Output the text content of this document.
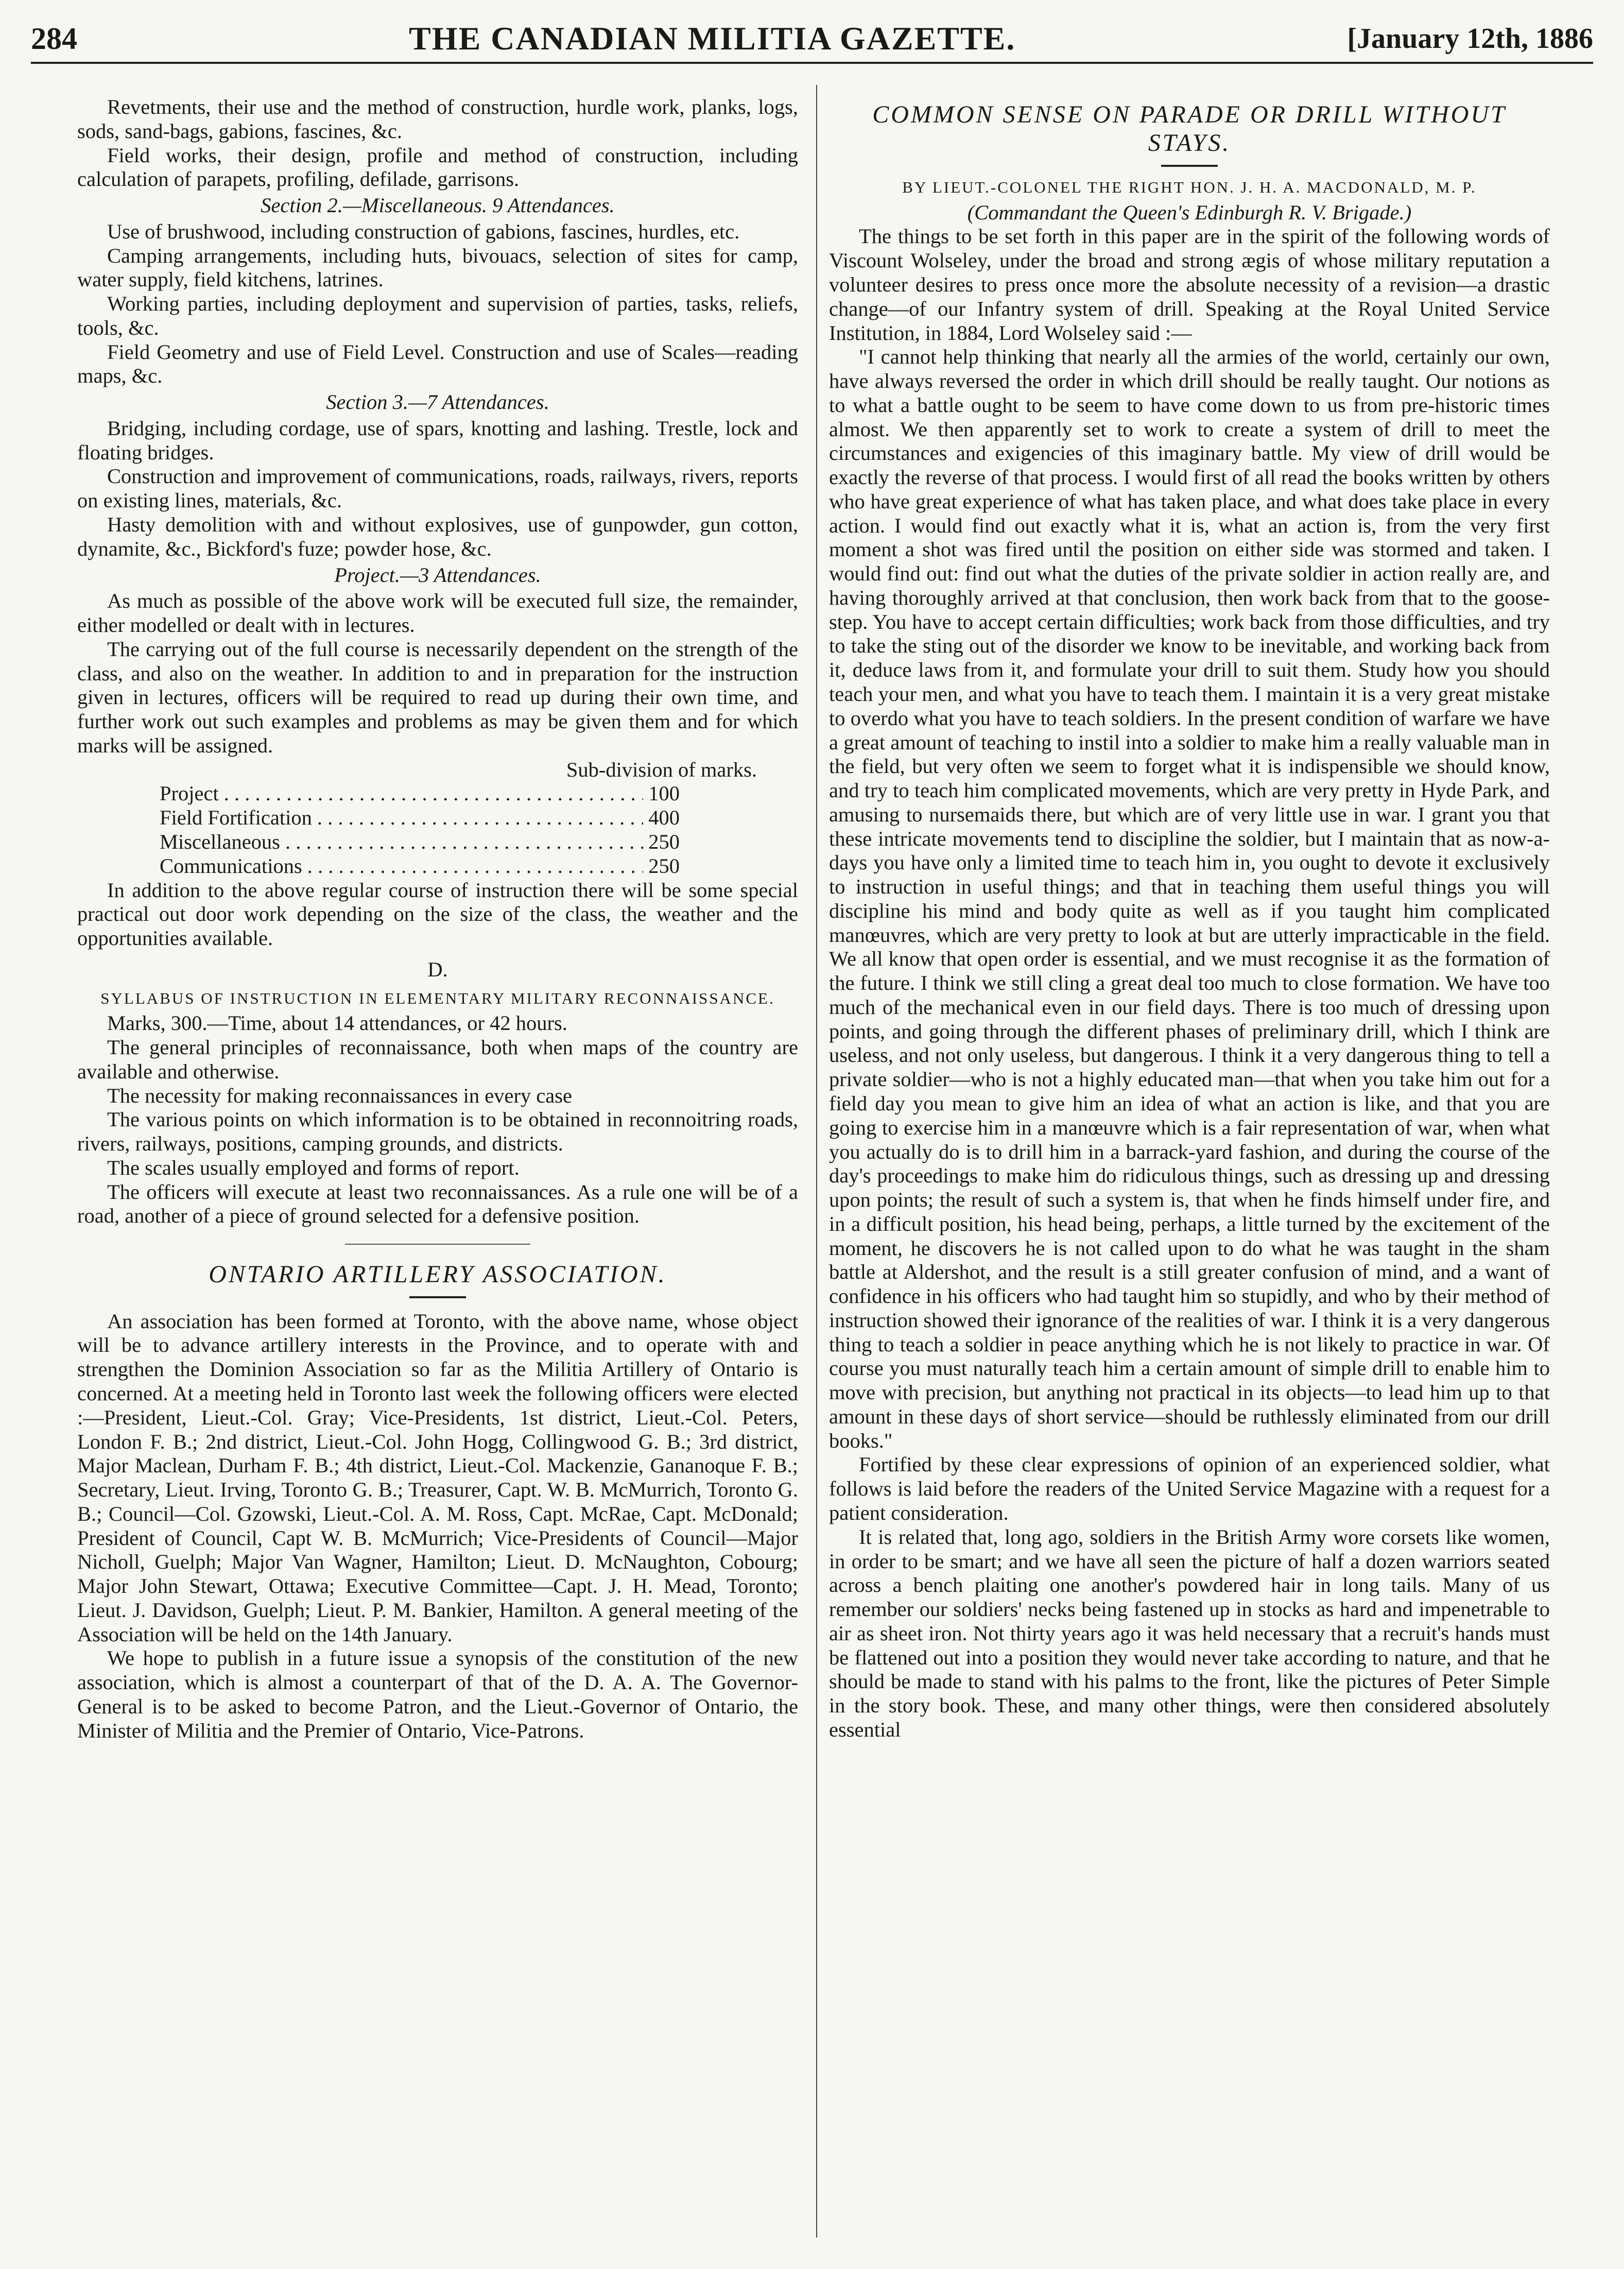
284	THE CANADIAN MILITIA GAZETTE.	[January 12th, 1886

Revetments, their use and the method of construction, hurdle work, planks, logs, sods, sand-bags, gabions, fascines, &c.

Field works, their design, profile and method of construction, including calculation of parapets, profiling, defilade, garrisons.

Section 2.—Miscellaneous. 9 Attendances.

Use of brushwood, including construction of gabions, fascines, hurdles, etc.

Camping arrangements, including huts, bivouacs, selection of sites for camp, water supply, field kitchens, latrines.

Working parties, including deployment and supervision of parties, tasks, reliefs, tools, &c.

Field Geometry and use of Field Level. Construction and use of Scales—reading maps, &c.

Section 3.—7 Attendances.

Bridging, including cordage, use of spars, knotting and lashing. Trestle, lock and floating bridges.

Construction and improvement of communications, roads, railways, rivers, reports on existing lines, materials, &c.

Hasty demolition with and without explosives, use of gunpowder, gun cotton, dynamite, &c., Bickford's fuze; powder hose, &c.

Project.—3 Attendances.

As much as possible of the above work will be executed full size, the remainder, either modelled or dealt with in lectures.

The carrying out of the full course is necessarily dependent on the strength of the class, and also on the weather. In addition to and in preparation for the instruction given in lectures, officers will be required to read up during their own time, and further work out such examples and problems as may be given them and for which marks will be assigned.

Sub-division of marks.

Project . . .	100
Field Fortification . . .	400
Miscellaneous . . .	250
Communications . . .	250

In addition to the above regular course of instruction there will be some special practical out door work depending on the size of the class, the weather and the opportunities available.

D.

SYLLABUS OF INSTRUCTION IN ELEMENTARY MILITARY RECONNAISSANCE.

Marks, 300.—Time, about 14 attendances, or 42 hours.

The general principles of reconnaissance, both when maps of the country are available and otherwise.

The necessity for making reconnaissances in every case

The various points on which information is to be obtained in reconnoitring roads, rivers, railways, positions, camping grounds, and districts.

The scales usually employed and forms of report.

The officers will execute at least two reconnaissances. As a rule one will be of a road, another of a piece of ground selected for a defensive position.

ONTARIO ARTILLERY ASSOCIATION.

An association has been formed at Toronto, with the above name, whose object will be to advance artillery interests in the Province, and to operate with and strengthen the Dominion Association so far as the Militia Artillery of Ontario is concerned. At a meeting held in Toronto last week the following officers were elected :—President, Lieut.-Col. Gray; Vice-Presidents, 1st district, Lieut.-Col. Peters, London F. B.; 2nd district, Lieut.-Col. John Hogg, Collingwood G. B.; 3rd district, Major Maclean, Durham F. B.; 4th district, Lieut.-Col. Mackenzie, Gananoque F. B.; Secretary, Lieut. Irving, Toronto G. B.; Treasurer, Capt. W. B. McMurrich, Toronto G. B.; Council—Col. Gzowski, Lieut.-Col. A. M. Ross, Capt. McRae, Capt. McDonald; President of Council, Capt W. B. McMurrich; Vice-Presidents of Council—Major Nicholl, Guelph; Major Van Wagner, Hamilton; Lieut. D. McNaughton, Cobourg; Major John Stewart, Ottawa; Executive Committee—Capt. J. H. Mead, Toronto; Lieut. J. Davidson, Guelph; Lieut. P. M. Bankier, Hamilton. A general meeting of the Association will be held on the 14th January.

We hope to publish in a future issue a synopsis of the constitution of the new association, which is almost a counterpart of that of the D. A. A. The Governor-General is to be asked to become Patron, and the Lieut.-Governor of Ontario, the Minister of Militia and the Premier of Ontario, Vice-Patrons.

COMMON SENSE ON PARADE OR DRILL WITHOUT STAYS.

BY LIEUT.-COLONEL THE RIGHT HON. J. H. A. MACDONALD, M. P.

(Commandant the Queen's Edinburgh R. V. Brigade.)

The things to be set forth in this paper are in the spirit of the following words of Viscount Wolseley, under the broad and strong ægis of whose military reputation a volunteer desires to press once more the absolute necessity of a revision—a drastic change—of our Infantry system of drill. Speaking at the Royal United Service Institution, in 1884, Lord Wolseley said :—

"I cannot help thinking that nearly all the armies of the world, certainly our own, have always reversed the order in which drill should be really taught. Our notions as to what a battle ought to be seem to have come down to us from pre-historic times almost. We then apparently set to work to create a system of drill to meet the circumstances and exigencies of this imaginary battle. My view of drill would be exactly the reverse of that process. I would first of all read the books written by others who have great experience of what has taken place, and what does take place in every action. I would find out exactly what it is, what an action is, from the very first moment a shot was fired until the position on either side was stormed and taken. I would find out: find out what the duties of the private soldier in action really are, and having thoroughly arrived at that conclusion, then work back from that to the goose-step. You have to accept certain difficulties; work back from those difficulties, and try to take the sting out of the disorder we know to be inevitable, and working back from it, deduce laws from it, and formulate your drill to suit them. Study how you should teach your men, and what you have to teach them. I maintain it is a very great mistake to overdo what you have to teach soldiers. In the present condition of warfare we have a great amount of teaching to instil into a soldier to make him a really valuable man in the field, but very often we seem to forget what it is indispensible we should know, and try to teach him complicated movements, which are very pretty in Hyde Park, and amusing to nursemaids there, but which are of very little use in war. I grant you that these intricate movements tend to discipline the soldier, but I maintain that as now-a-days you have only a limited time to teach him in, you ought to devote it exclusively to instruction in useful things; and that in teaching them useful things you will discipline his mind and body quite as well as if you taught him complicated manœuvres, which are very pretty to look at but are utterly impracticable in the field. We all know that open order is essential, and we must recognise it as the formation of the future. I think we still cling a great deal too much to close formation. We have too much of the mechanical even in our field days. There is too much of dressing upon points, and going through the different phases of preliminary drill, which I think are useless, and not only useless, but dangerous. I think it a very dangerous thing to tell a private soldier—who is not a highly educated man—that when you take him out for a field day you mean to give him an idea of what an action is like, and that you are going to exercise him in a manœuvre which is a fair representation of war, when what you actually do is to drill him in a barrack-yard fashion, and during the course of the day's proceedings to make him do ridiculous things, such as dressing up and dressing upon points; the result of such a system is, that when he finds himself under fire, and in a difficult position, his head being, perhaps, a little turned by the excitement of the moment, he discovers he is not called upon to do what he was taught in the sham battle at Aldershot, and the result is a still greater confusion of mind, and a want of confidence in his officers who had taught him so stupidly, and who by their method of instruction showed their ignorance of the realities of war. I think it is a very dangerous thing to teach a soldier in peace anything which he is not likely to practice in war. Of course you must naturally teach him a certain amount of simple drill to enable him to move with precision, but anything not practical in its objects—to lead him up to that amount in these days of short service—should be ruthlessly eliminated from our drill books."

Fortified by these clear expressions of opinion of an experienced soldier, what follows is laid before the readers of the United Service Magazine with a request for a patient consideration.

It is related that, long ago, soldiers in the British Army wore corsets like women, in order to be smart; and we have all seen the picture of half a dozen warriors seated across a bench plaiting one another's powdered hair in long tails. Many of us remember our soldiers' necks being fastened up in stocks as hard and impenetrable to air as sheet iron. Not thirty years ago it was held necessary that a recruit's hands must be flattened out into a position they would never take according to nature, and that he should be made to stand with his palms to the front, like the pictures of Peter Simple in the story book. These, and many other things, were then considered absolutely essential
